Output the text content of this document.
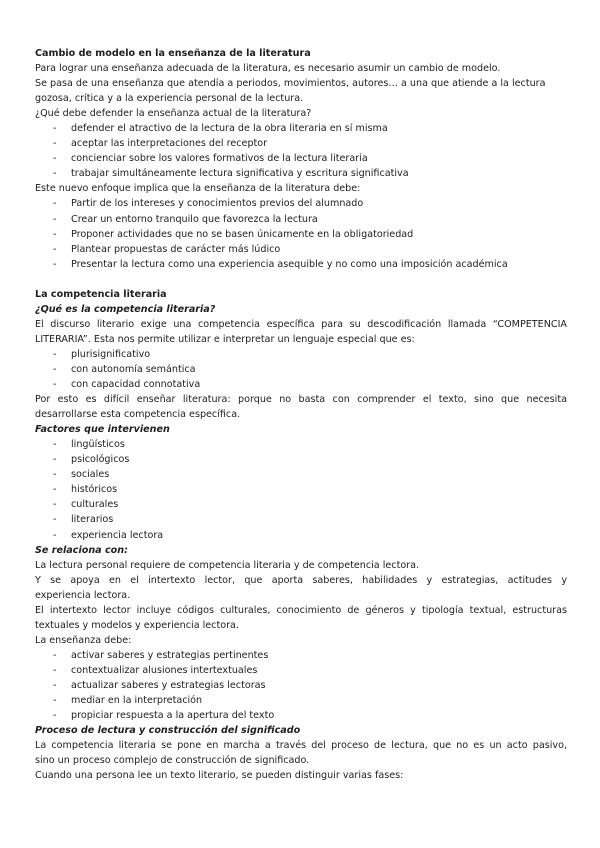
Cambio de modelo en la enseñanza de la literatura
Para lograr una enseñanza adecuada de la literatura, es necesario asumir un cambio de modelo.
Se pasa de una enseñanza que atendía a periodos, movimientos, autores… a una que atiende a la lectura
gozosa, crítica y a la experiencia personal de la lectura.
¿Qué debe defender la enseñanza actual de la literatura?
- defender el atractivo de la lectura de la obra literaria en sí misma
- aceptar las interpretaciones del receptor
- concienciar sobre los valores formativos de la lectura literaria
- trabajar simultáneamente lectura significativa y escritura significativa
Este nuevo enfoque implica que la enseñanza de la literatura debe:
- Partir de los intereses y conocimientos previos del alumnado
- Crear un entorno tranquilo que favorezca la lectura
- Proponer actividades que no se basen únicamente en la obligatoriedad
- Plantear propuestas de carácter más lúdico
- Presentar la lectura como una experiencia asequible y no como una imposición académica
La competencia literaria
¿Qué es la competencia literaria?
El discurso literario exige una competencia específica para su descodificación llamada “COMPETENCIA
LITERARIA”. Esta nos permite utilizar e interpretar un lenguaje especial que es:
- plurisignificativo
- con autonomía semántica
- con capacidad connotativa
Por esto es difícil enseñar literatura: porque no basta con comprender el texto, sino que necesita
desarrollarse esta competencia específica.
Factores que intervienen
- lingüísticos
- psicológicos
- sociales
- históricos
- culturales
- literarios
- experiencia lectora
Se relaciona con:
La lectura personal requiere de competencia literaria y de competencia lectora.
Y se apoya en el intertexto lector, que aporta saberes, habilidades y estrategias, actitudes y
experiencia lectora.
El intertexto lector incluye códigos culturales, conocimiento de géneros y tipología textual, estructuras
textuales y modelos y experiencia lectora.
La enseñanza debe:
- activar saberes y estrategias pertinentes
- contextualizar alusiones intertextuales
- actualizar saberes y estrategias lectoras
- mediar en la interpretación
- propiciar respuesta a la apertura del texto
Proceso de lectura y construcción del significado
La competencia literaria se pone en marcha a través del proceso de lectura, que no es un acto pasivo,
sino un proceso complejo de construcción de significado.
Cuando una persona lee un texto literario, se pueden distinguir varias fases:
